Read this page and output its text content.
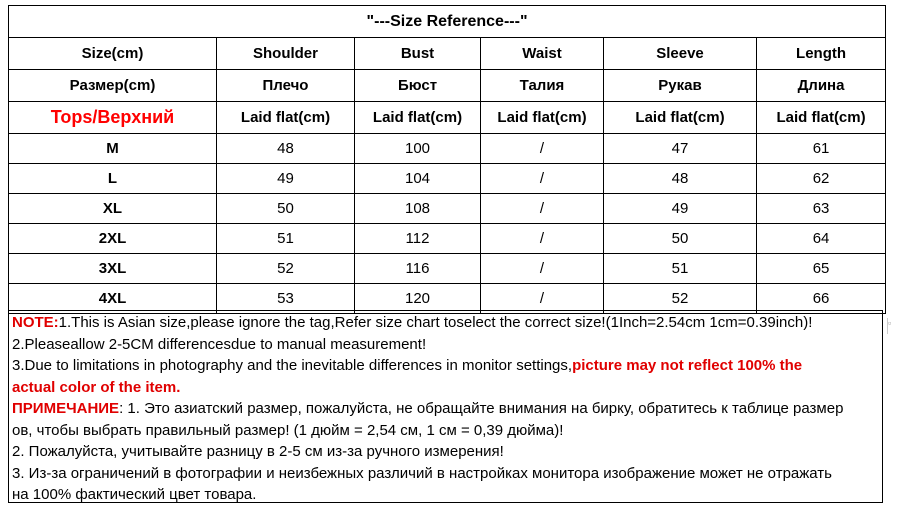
"---Size Reference---"					
Size(cm)	Shoulder	Bust	Waist	Sleeve	Length
Размер(cm)	Плечо	Бюст	Талия	Рукав	Длина
Tops/Верхний	Laid flat(cm)	Laid flat(cm)	Laid flat(cm)	Laid flat(cm)	Laid flat(cm)
M	48	100	/	47	61
L	49	104	/	48	62
XL	50	108	/	49	63
2XL	51	112	/	50	64
3XL	52	116	/	51	65
4XL	53	120	/	52	66

NOTE:1.This is Asian size,please ignore the tag,Refer size chart toselect the correct size!(1Inch=2.54cm 1cm=0.39inch)!

2.Pleaseallow 2-5CM differencesdue to manual measurement!

3.Due to limitations in photography and the inevitable differences in monitor settings,picture may not reflect 100% the

actual color of the item.

ПРИМЕЧАНИЕ: 1. Это азиатский размер, пожалуйста, не обращайте внимания на бирку, обратитесь к таблице размер

ов, чтобы выбрать правильный размер! (1 дюйм = 2,54 см, 1 см = 0,39 дюйма)!

2. Пожалуйста, учитывайте разницу в 2-5 см из-за ручного измерения!

3. Из-за ограничений в фотографии и неизбежных различий в настройках монитора изображение может не отражать

на 100% фактический цвет товара.

▫
